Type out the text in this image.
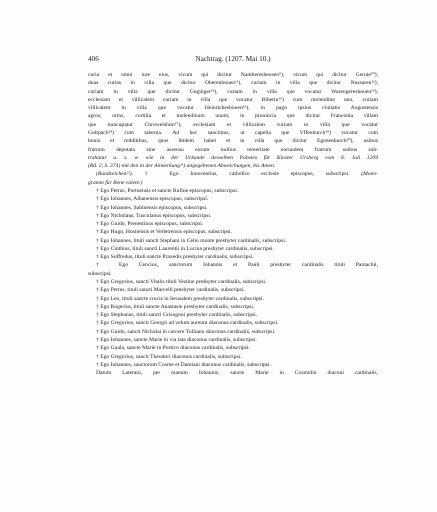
406	Nachtrag. (1207. Mai 10.)

curia et omni iure eius, vicum qui dicitur Nantheresheusen⁹), vicum qui dicitur Gerute¹⁰),

duas curias in villa que dicitur Oberenhouen¹¹), curiam in villa que dicitur Nussaren¹²),

curiam in villa que dicitur Geginger¹³), curiam in villa que vocatur Warengereshouen¹⁴),

ecclesiam et villicalem curiam in villa que vocatur Biberin¹⁵) cum molendino uno, curiam

villicalem in villa que vocatur Heinrichesbouen¹⁶), in pago ipsius ciuitatis Augustensis

agros, ortos, curtilia et molendinum unum, in prouincia que dicitur Franconia villam

que nuncupatur Chrowelshim¹⁷), ecclesiam et villicalem curiam in villa que vocatur

Goltpach¹⁸) cum taberna. Ad hec sancimus, ut capella que Vffenburch¹⁹) vocatur cum

bonis et redditibus, quos ibidem habet et in villa que dicitur Egenenburch²⁰), usibus

fratrum deputata sine assensu eorum nullius temeritate eorundem fratrum usibus sub-

trahatur u. s. w. wie in der Urkunde desselben Pabstes für Kloster Ursberg vom 6. Juli 1209

(Bd. 2, S. 374) mit den in der Anmerkung²¹) angegebenen Abweichungen, bis Amen.

(Rundzeichen²²). † Ego Innocentius, catholice ecclesie episcopus, subscripsi. (Mono-

gramm für Bene valete.)

† Ego Petrus, Portuensis et sancte Rufine episcopus, subscripsi.

† Ego Iohannes, Albanensis episcopus, subscripsi.

† Ego Iohannes, Sabinensis episcopus, subscripsi.

† Ego Nicholaus, Tusculanus episcopus, subscripsi.

† Ego Guido, Prenestinus episcopus, subscripsi.

† Ego Hugo, Hostiensis et Velletrensis episcopus, subscripsi.

† Ego Iohannes, tituli sancti Stephani in Celio monte presbyter cardinalis, subscripsi.

† Ego Cinthius, tituli sancti Laurentii in Lucina presbyter cardinalis, subscripsi.

† Ego Soffredus, tituli sancte Praxedis presbyter cardinalis, subscripsi.

† Ego Cencius, sanctorum Iohannis et Pauli presbyter cardinalis tituli Pamachii,

subscripsi.

† Ego Gregorius, sancti Vitalis tituli Vestine presbyter cardinalis, subscripsi.

† Ego Petrus, tituli sancti Marcelli presbyter cardinalis, subscripsi.

† Ego Leo, tituli sancte crucis in Ierusalem presbyter cardinalis, subscripsi.

† Ego Rogerius, tituli sancte Anastasie presbyter cardinalis, subscripsi.

† Ego Stephanus, tituli sancti Grisogoni presbyter cardinalis, subscripsi.

† Ego Gregorius, sancti Georgii ad velum aureum diaconus cardinalis, subscripsi.

† Ego Guido, sancti Nicholai in carcere Tulliano diaconus cardinalis, subscripsi.

† Ego Iohannes, sancte Marie in via lata diaconus cardinalis, subscripsi.

† Ego Guala, sancte Marie in Portico diaconus cardinalis, subscripsi.

† Ego Gregorius, sancti Theodori diaconus cardinalis, subscripsi.

† Ego Iohannes, sanctorum Cosme et Damiani diaconus cardinalis, subscripsi.

Datum Laterani, per manum Iohannis, sancte Marie in Cosmidin diaconi cardinalis,
